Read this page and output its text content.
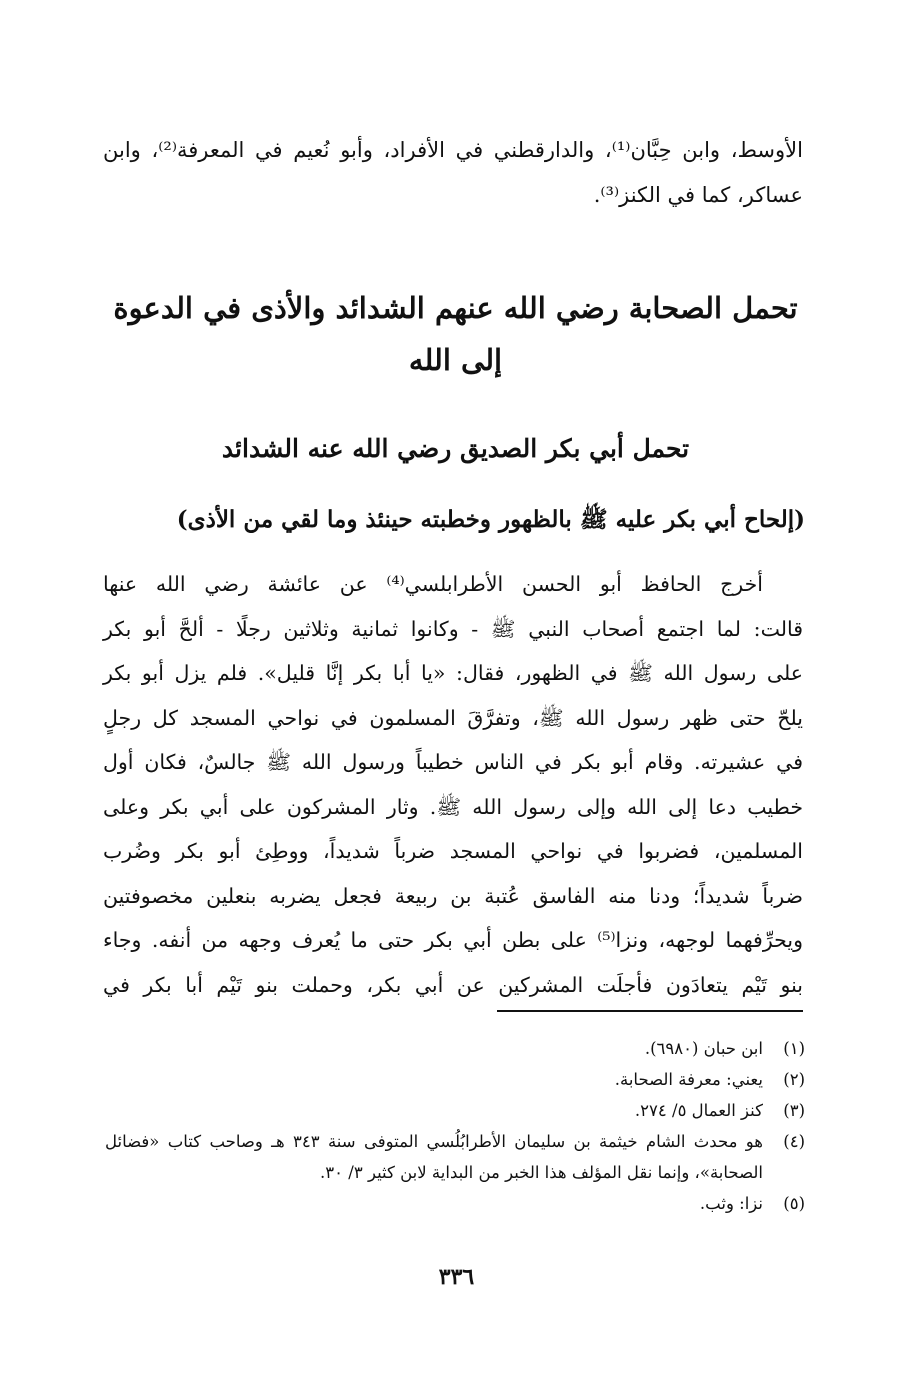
الأوسط، وابن حِبَّان⁽¹⁾، والدارقطني في الأفراد، وأبو نُعيم في المعرفة⁽²⁾، وابن عساكر، كما في الكنز⁽³⁾.

تحمل الصحابة رضي الله عنهم الشدائد والأذى في الدعوة
إلى الله
تحمل أبي بكر الصديق رضي الله عنه الشدائد
(إلحاح أبي بكر عليه ﷺ بالظهور وخطبته حينئذ وما لقي من الأذى)
أخرج الحافظ أبو الحسن الأطرابلسي⁽⁴⁾ عن عائشة رضي الله عنها
قالت: لما اجتمع أصحاب النبي ﷺ - وكانوا ثمانية وثلاثين رجلًا - ألحَّ أبو بكر
على رسول الله ﷺ في الظهور، فقال: «يا أبا بكر إنَّا قليل». فلم يزل أبو بكر
يلحّ حتى ظهر رسول الله ﷺ، وتفرَّقَ المسلمون في نواحي المسجد كل رجلٍ
في عشيرته. وقام أبو بكر في الناس خطيباً ورسول الله ﷺ جالسٌ، فكان أول
خطيب دعا إلى الله وإلى رسول الله ﷺ. وثار المشركون على أبي بكر وعلى
المسلمين، فضربوا في نواحي المسجد ضرباً شديداً، ووطِئ أبو بكر وضُرب
ضرباً شديداً؛ ودنا منه الفاسق عُتبة بن ربيعة فجعل يضربه بنعلين مخصوفتين
ويحرِّفهما لوجهه، ونزا⁽⁵⁾ على بطن أبي بكر حتى ما يُعرف وجهه من أنفه. وجاء
بنو تَيْم يتعادَون فأجلَت المشركين عن أبي بكر، وحملت بنو تَيْم أبا بكر في
(١)
ابن حبان (٦٩٨٠).
(٢)
يعني: معرفة الصحابة.
(٣)
كنز العمال ٥/ ٢٧٤.
(٤)
هو محدث الشام خيثمة بن سليمان الأطرابُلُسي المتوفى سنة ٣٤٣ هـ وصاحب كتاب «فضائل الصحابة»، وإنما نقل المؤلف هذا الخبر من البداية لابن كثير ٣/ ٣٠.
(٥)
نزا: وثب.
٣٣٦
